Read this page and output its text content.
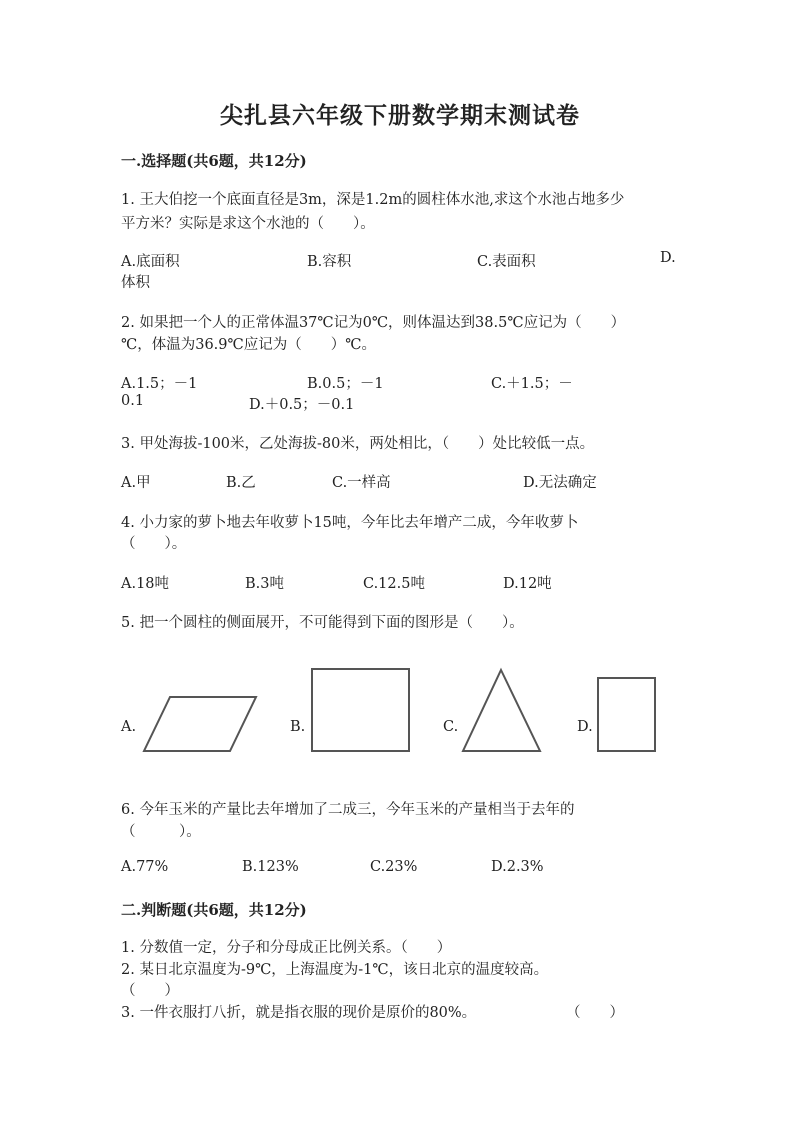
尖扎县六年级下册数学期末测试卷
一.选择题(共6题，共12分)
1. 王大伯挖一个底面直径是3m，深是1.2m的圆柱体水池,求这个水池占地多少
平方米？实际是求这个水池的（　　）。
A.底面积	B.容积	C.表面积	D.
体积
2. 如果把一个人的正常体温37℃记为0℃，则体温达到38.5℃应记为（　　）
℃，体温为36.9℃应记为（　　）℃。
A.1.5；－1	B.0.5；－1	C.＋1.5；－
0.1	D.＋0.5；－0.1
3. 甲处海拔-100米，乙处海拔-80米，两处相比，（　　）处比较低一点。
A.甲	B.乙	C.一样高	D.无法确定
4. 小力家的萝卜地去年收萝卜15吨，今年比去年增产二成，今年收萝卜
（　　）。
A.18吨	B.3吨	C.12.5吨	D.12吨
5. 把一个圆柱的侧面展开，不可能得到下面的图形是（　　）。
A.	B.	C.	D.
6. 今年玉米的产量比去年增加了二成三，今年玉米的产量相当于去年的
（　　　）。
A.77%	B.123%	C.23%	D.2.3%
二.判断题(共6题，共12分)
1. 分数值一定，分子和分母成正比例关系。（　　）
2. 某日北京温度为-9℃，上海温度为-1℃，该日北京的温度较高。
（　　）
3. 一件衣服打八折，就是指衣服的现价是原价的80%。	（　　）
